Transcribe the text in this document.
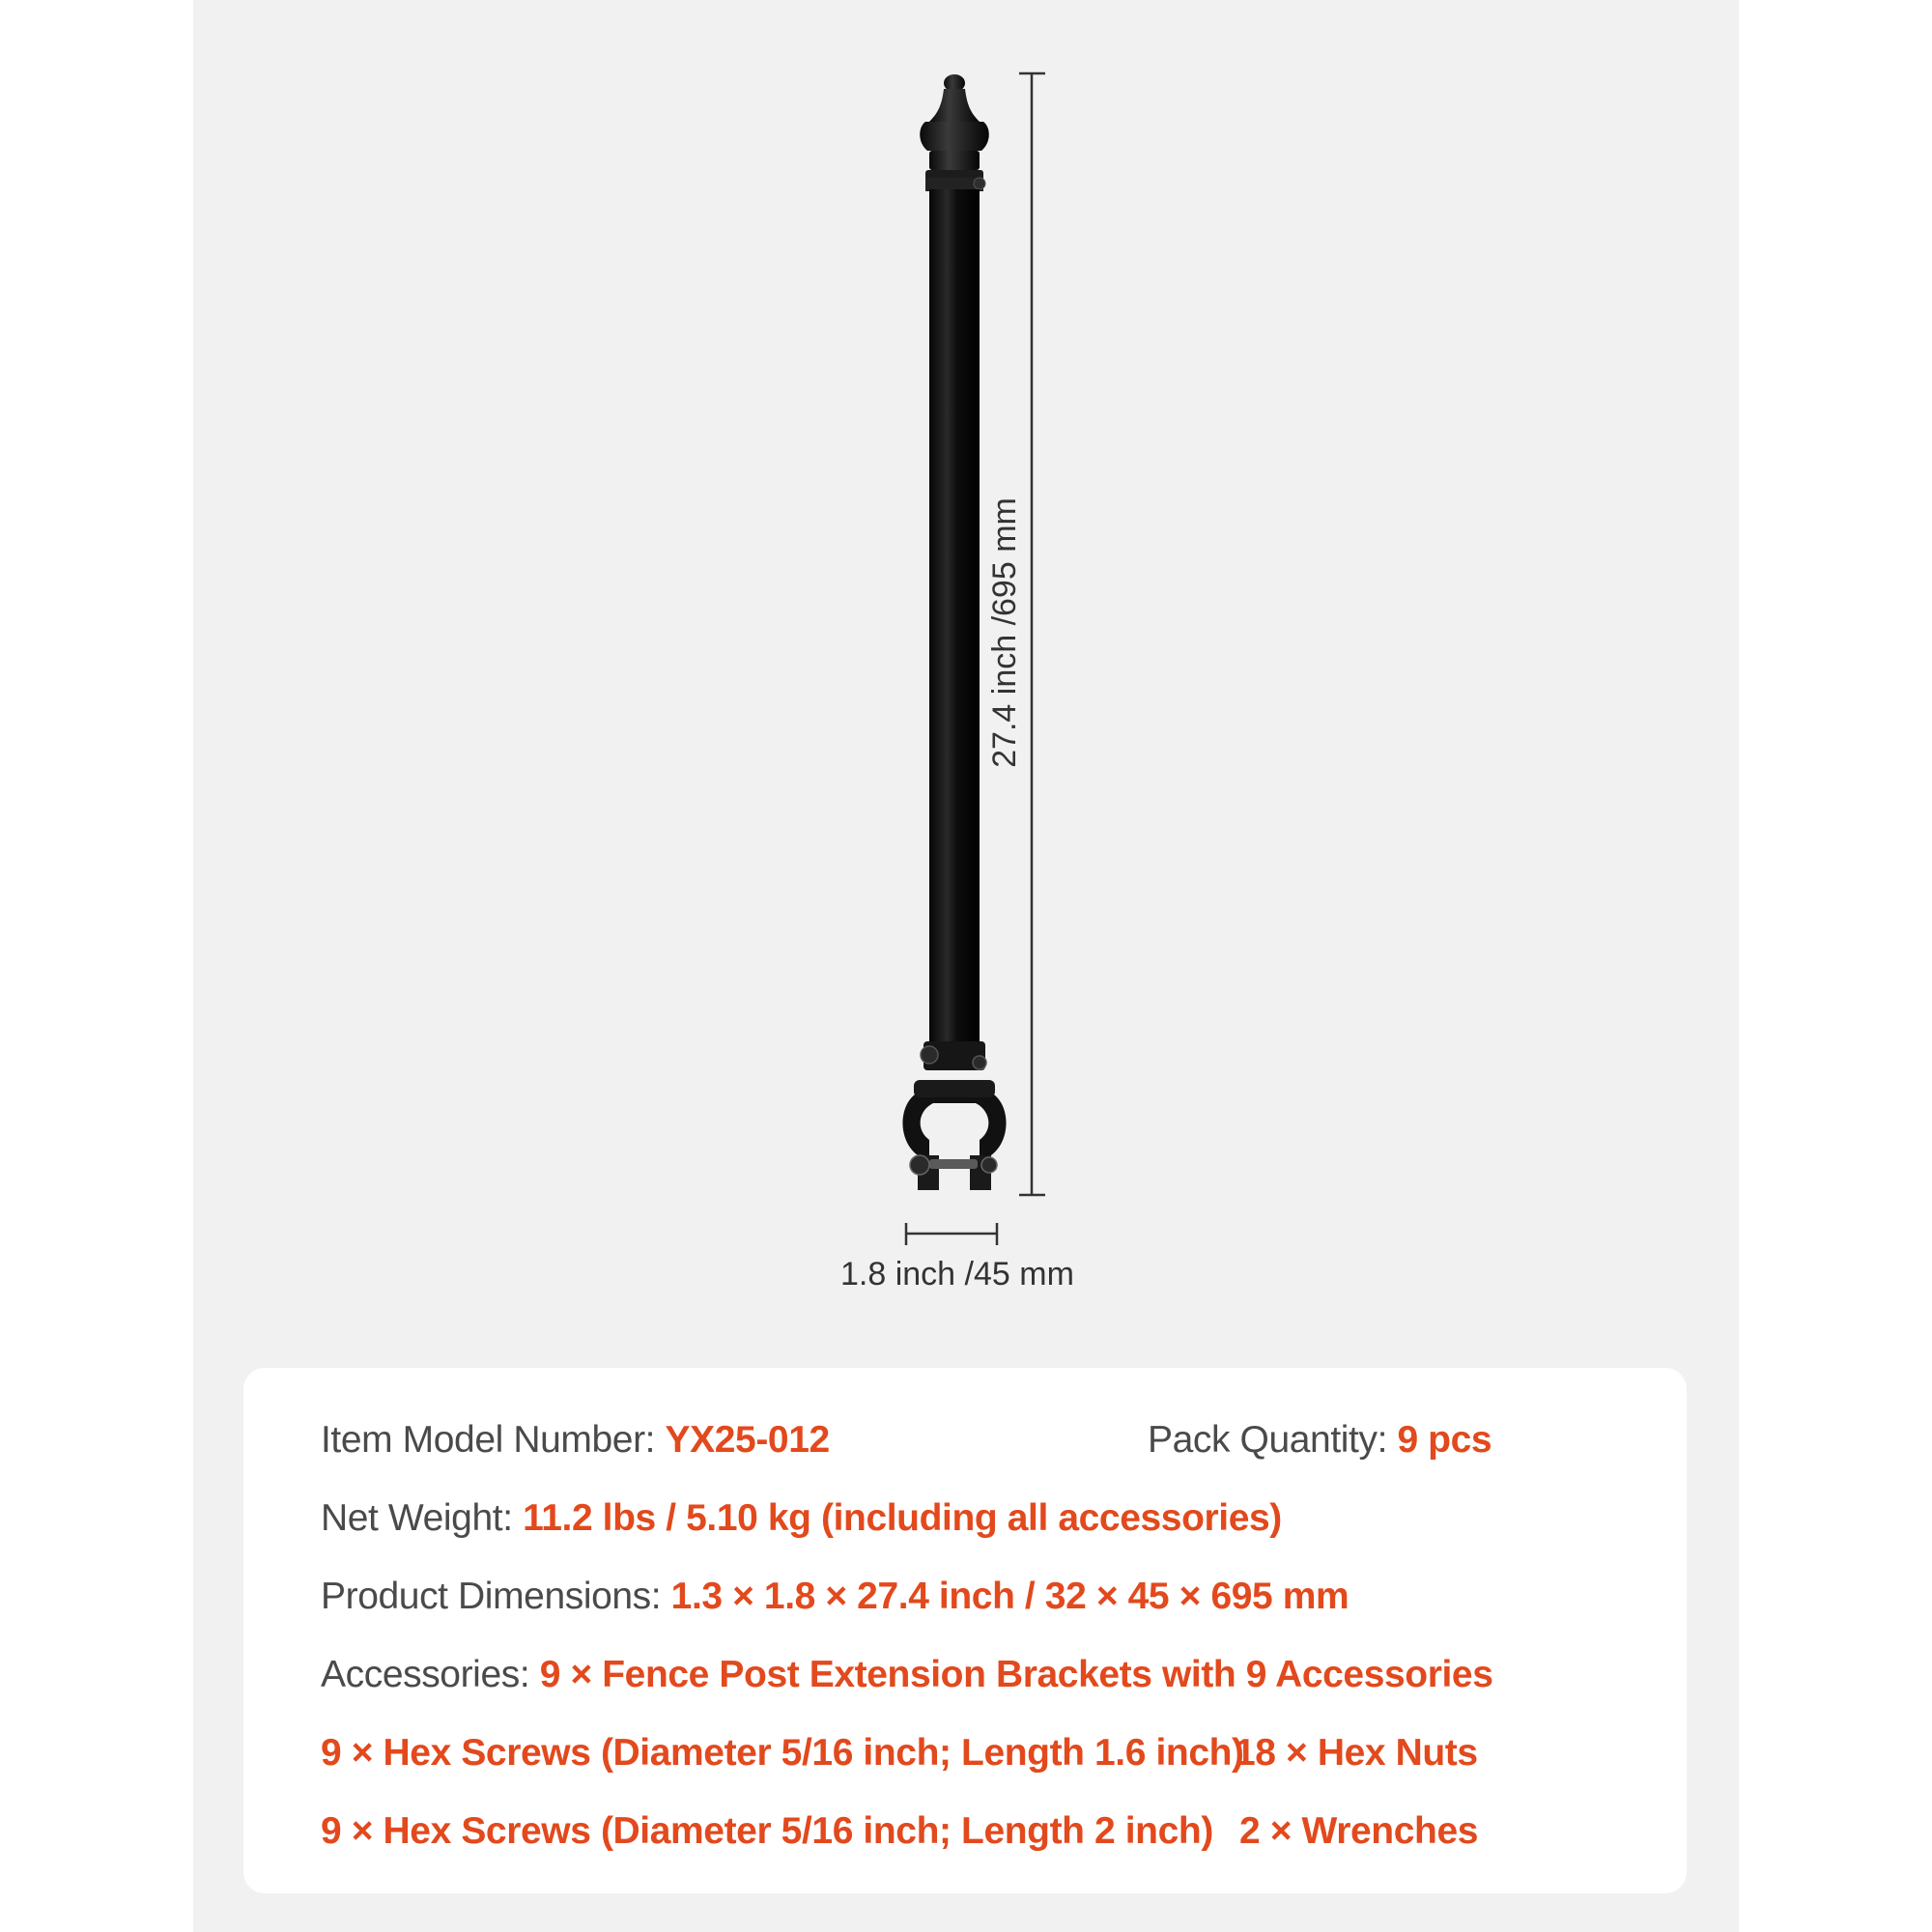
27.4 inch /695 mm
1.8 inch /45 mm
Item Model Number: YX25-012	Pack Quantity: 9 pcs
Net Weight: 11.2 lbs / 5.10 kg (including all accessories)
Product Dimensions: 1.3 × 1.8 × 27.4 inch / 32 × 45 × 695 mm
Accessories: 9 × Fence Post Extension Brackets with 9 Accessories
9 × Hex Screws (Diameter 5/16 inch; Length 1.6 inch)
18 × Hex Nuts
9 × Hex Screws (Diameter 5/16 inch; Length 2 inch) 2 × Wrenches
